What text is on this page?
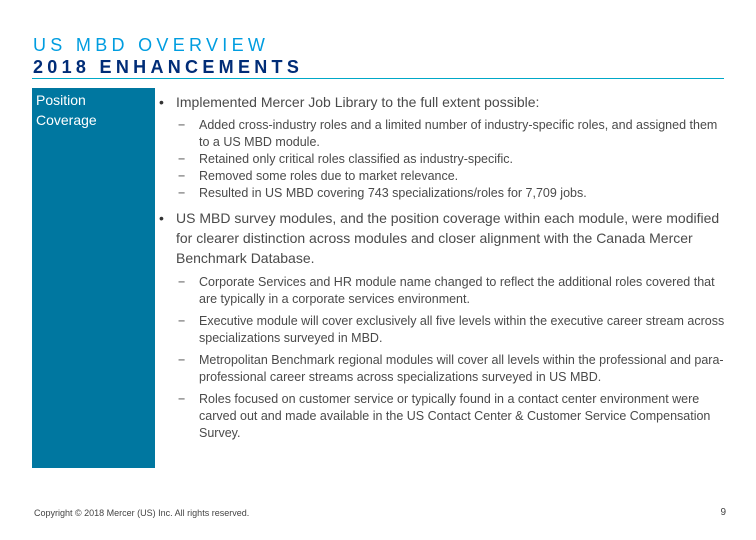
US MBD OVERVIEW
2018 ENHANCEMENTS
Position
Coverage
• Implemented Mercer Job Library to the full extent possible:
− Added cross-industry roles and a limited number of industry-specific roles, and assigned them to a US MBD module.
− Retained only critical roles classified as industry-specific.
− Removed some roles due to market relevance.
− Resulted in US MBD covering 743 specializations/roles for 7,709 jobs.
• US MBD survey modules, and the position coverage within each module, were modified for clearer distinction across modules and closer alignment with the Canada Mercer Benchmark Database.
− Corporate Services and HR module name changed to reflect the additional roles covered that are typically in a corporate services environment.
− Executive module will cover exclusively all five levels within the executive career stream across specializations surveyed in MBD.
− Metropolitan Benchmark regional modules will cover all levels within the professional and para-professional career streams across specializations surveyed in US MBD.
− Roles focused on customer service or typically found in a contact center environment were carved out and made available in the US Contact Center & Customer Service Compensation Survey.
Copyright © 2018 Mercer (US) Inc. All rights reserved.	9
